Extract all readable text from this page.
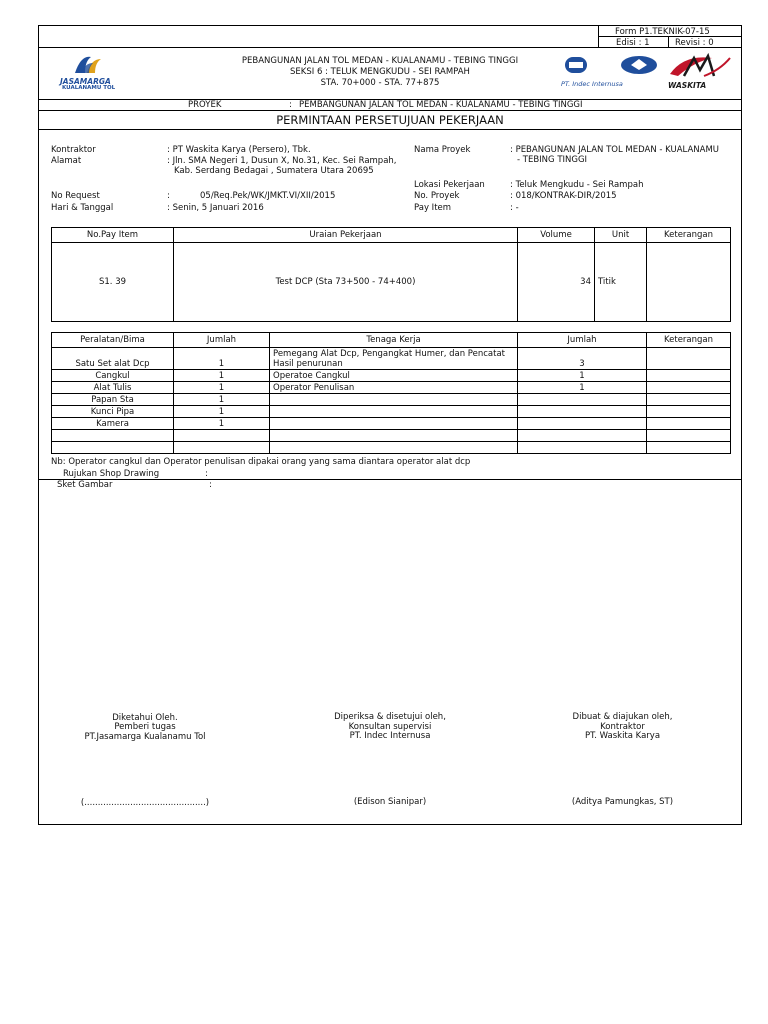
Form P1.TEKNIK-07-15
Edisi : 1	Revisi : 0
JASAMARGA
KUALANAMU TOL
PEBANGUNAN JALAN TOL MEDAN - KUALANAMU - TEBING TINGGI
SEKSI 6 : TELUK MENGKUDU - SEI RAMPAH
STA. 70+000 - STA. 77+875	PT. Indec Internusa	WASKITA
PROYEK	: PEMBANGUNAN JALAN TOL MEDAN - KUALANAMU - TEBING TINGGI
PERMINTAAN PERSETUJUAN PEKERJAAN
Kontraktor	: PT Waskita Karya (Persero), Tbk.
Alamat	: Jln. SMA Negeri 1, Dusun X, No.31, Kec. Sei Rampah,
Kab. Serdang Bedagai , Sumatera Utara 20695
No Request	:	05/Req.Pek/WK/JMKT.VI/XII/2015
Hari & Tanggal	: Senin, 5 Januari 2016
Nama Proyek	: PEBANGUNAN JALAN TOL MEDAN - KUALANAMU
- TEBING TINGGI
Lokasi Pekerjaan	: Teluk Mengkudu - Sei Rampah
No. Proyek	: 018/KONTRAK-DIR/2015
Pay Item	: -
No.Pay Item	Uraian Pekerjaan	Volume	Unit	Keterangan
S1. 39	Test DCP (Sta 73+500 - 74+400)	34	Titik	
Peralatan/Bima	Jumlah	Tenaga Kerja	Jumlah	Keterangan
Satu Set alat Dcp	1	Pemegang Alat Dcp, Pengangkat Humer, dan Pencatat
Hasil penurunan	3	
Cangkul	1	Operatoe Cangkul	1	
Alat Tulis	1	Operator Penulisan	1	
Papan Sta	1			
Kunci Pipa	1			
Kamera	1			

Nb: Operator cangkul dan Operator penulisan dipakai orang yang sama diantara operator alat dcp
Rujukan Shop Drawing	:
Sket Gambar	:
Diketahui Oleh.
Pemberi tugas
PT.Jasamarga Kualanamu Tol
(.............................................)
Diperiksa & disetujui oleh,
Konsultan supervisi
PT. Indec Internusa
(Edison Sianipar)
Dibuat & diajukan oleh,
Kontraktor
PT. Waskita Karya
(Aditya Pamungkas, ST)
